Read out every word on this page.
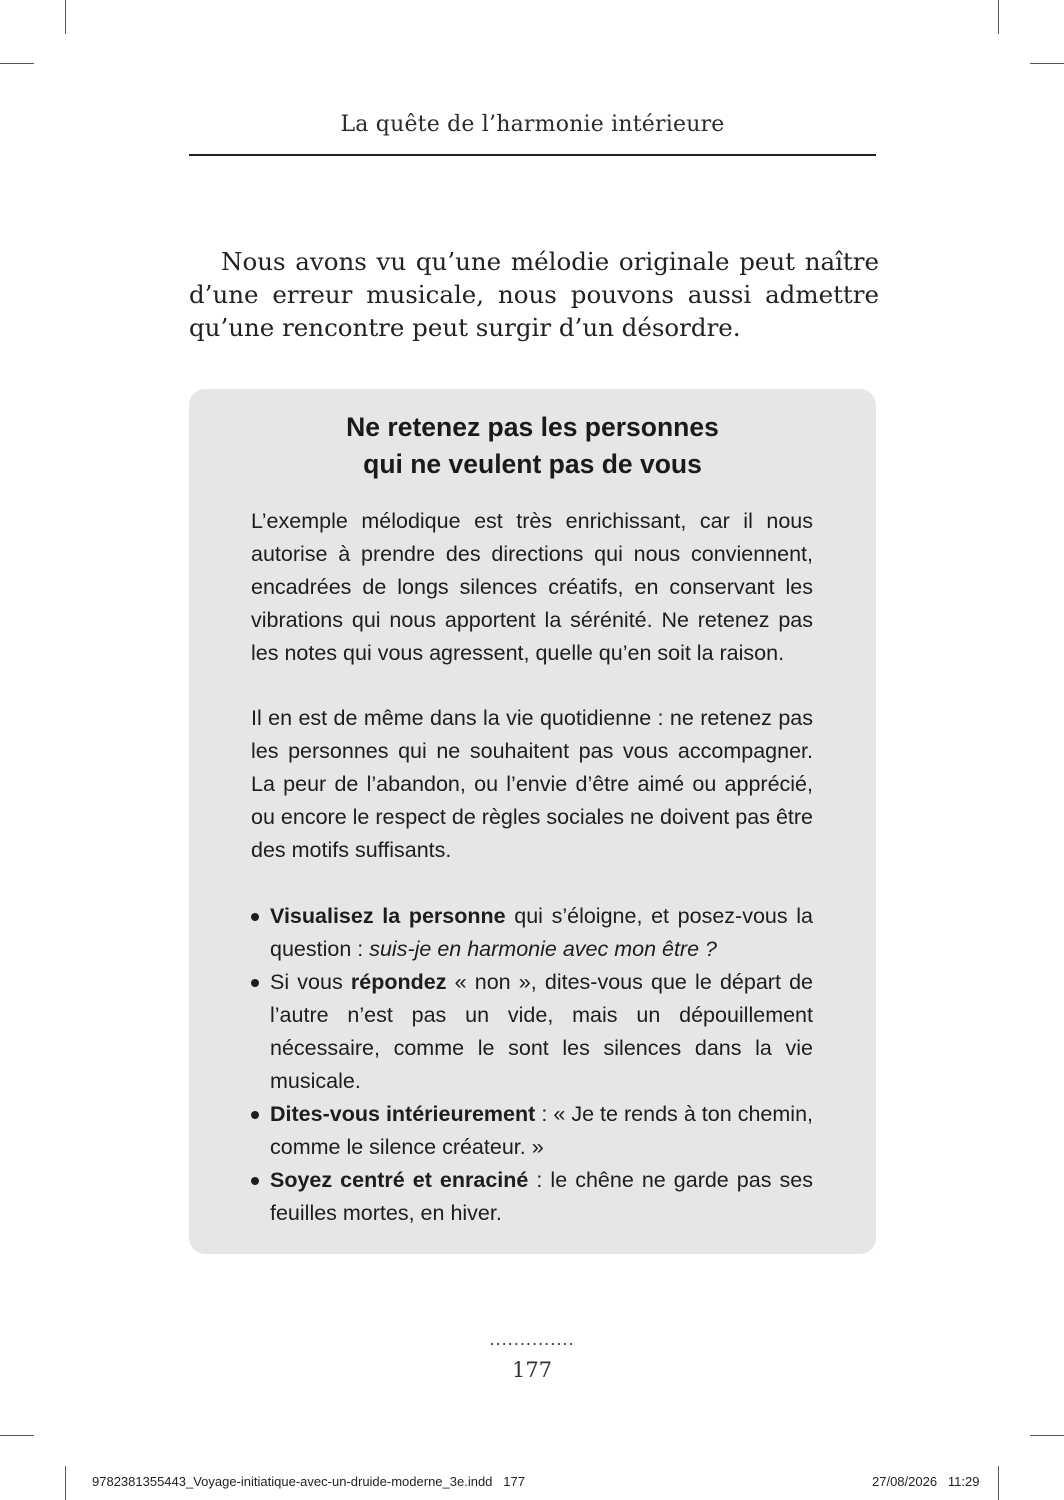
La quête de l’harmonie intérieure

Nous avons vu qu’une mélodie originale peut naître d’une erreur musicale, nous pouvons aussi admettre qu’une rencontre peut surgir d’un désordre.

Ne retenez pas les personnes
qui ne veulent pas de vous

L’exemple mélodique est très enrichissant, car il nous autorise à prendre des directions qui nous conviennent, encadrées de longs silences créatifs, en conservant les vibrations qui nous apportent la sérénité. Ne retenez pas les notes qui vous agressent, quelle qu’en soit la raison.

Il en est de même dans la vie quotidienne : ne retenez pas les personnes qui ne souhaitent pas vous accompagner. La peur de l’abandon, ou l’envie d’être aimé ou apprécié, ou encore le respect de règles sociales ne doivent pas être des motifs suffisants.

Visualisez la personne qui s’éloigne, et posez-vous la question : suis-je en harmonie avec mon être ?
Si vous répondez « non », dites-vous que le départ de l’autre n’est pas un vide, mais un dépouillement nécessaire, comme le sont les silences dans la vie musicale.
Dites-vous intérieurement : « Je te rends à ton chemin, comme le silence créateur. »
Soyez centré et enraciné : le chêne ne garde pas ses feuilles mortes, en hiver.
..............
177
9782381355443_Voyage-initiatique-avec-un-druide-moderne_3e.indd   177	27/08/2026   11:29
